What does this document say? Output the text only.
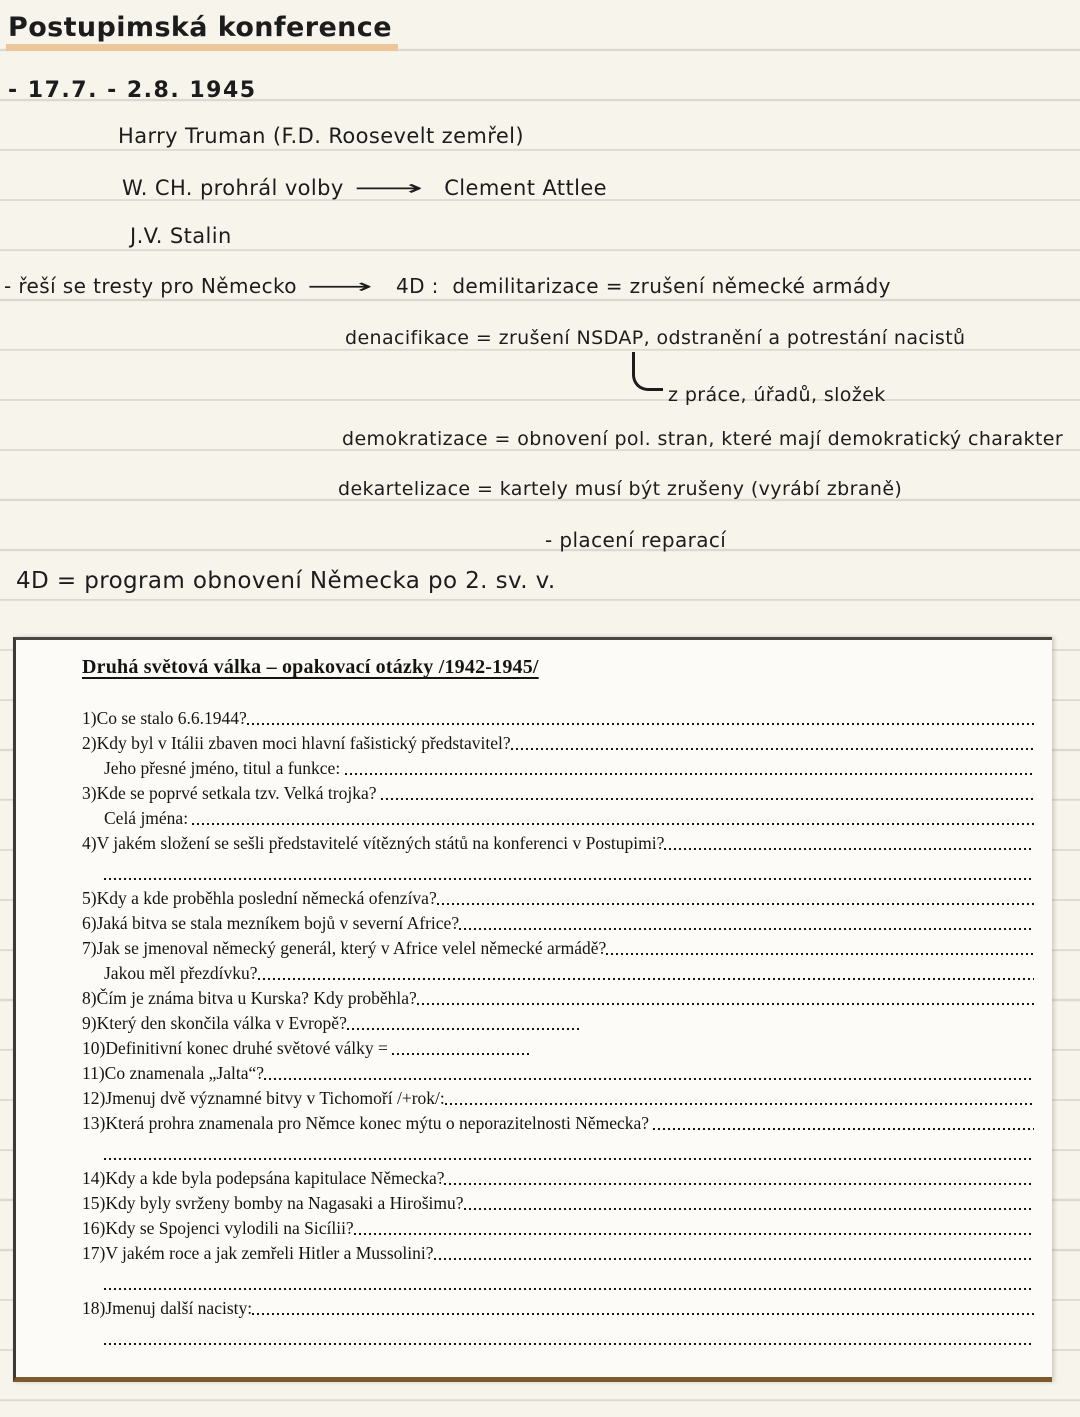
Postupimská konference
- 17.7. - 2.8. 1945
Harry Truman (F.D. Roosevelt zemřel)
W. CH. prohrál volby ⟶ Clement Attlee
J.V. Stalin
- řeší se tresty pro Německo ⟶ 4D : demilitarizace = zrušení německé armády
denacifikace = zrušení NSDAP, odstranění a potrestání nacistů
z práce, úřadů, složek
demokratizace = obnovení pol. stran, které mají demokratický charakter
dekartelizace = kartely musí být zrušeny (vyrábí zbraně)
- placení reparací
4D = program obnovení Německa po 2. sv. v.
Druhá světová válka – opakovací otázky /1942-1945/
1)Co se stalo 6.6.1944?
2)Kdy byl v Itálii zbaven moci hlavní fašistický představitel?
Jeho přesné jméno, titul a funkce:
3)Kde se poprvé setkala tzv. Velká trojka?
Celá jména:
4)V jakém složení se sešli představitelé vítězných států na konferenci v Postupimi?
5)Kdy a kde proběhla poslední německá ofenzíva?
6)Jaká bitva se stala mezníkem bojů v severní Africe?
7)Jak se jmenoval německý generál, který v Africe velel německé armádě?
Jakou měl přezdívku?
8)Čím je známa bitva u Kurska? Kdy proběhla?
9)Který den skončila válka v Evropě?
10)Definitivní konec druhé světové války =
11)Co znamenala „Jalta“?
12)Jmenuj dvě významné bitvy v Tichomoří /+rok/:
13)Která prohra znamenala pro Němce konec mýtu o neporazitelnosti Německa?
14)Kdy a kde byla podepsána kapitulace Německa?
15)Kdy byly svrženy bomby na Nagasaki a Hirošimu?
16)Kdy se Spojenci vylodili na Sicílii?
17)V jakém roce a jak zemřeli Hitler a Mussolini?
18)Jmenuj další nacisty:
